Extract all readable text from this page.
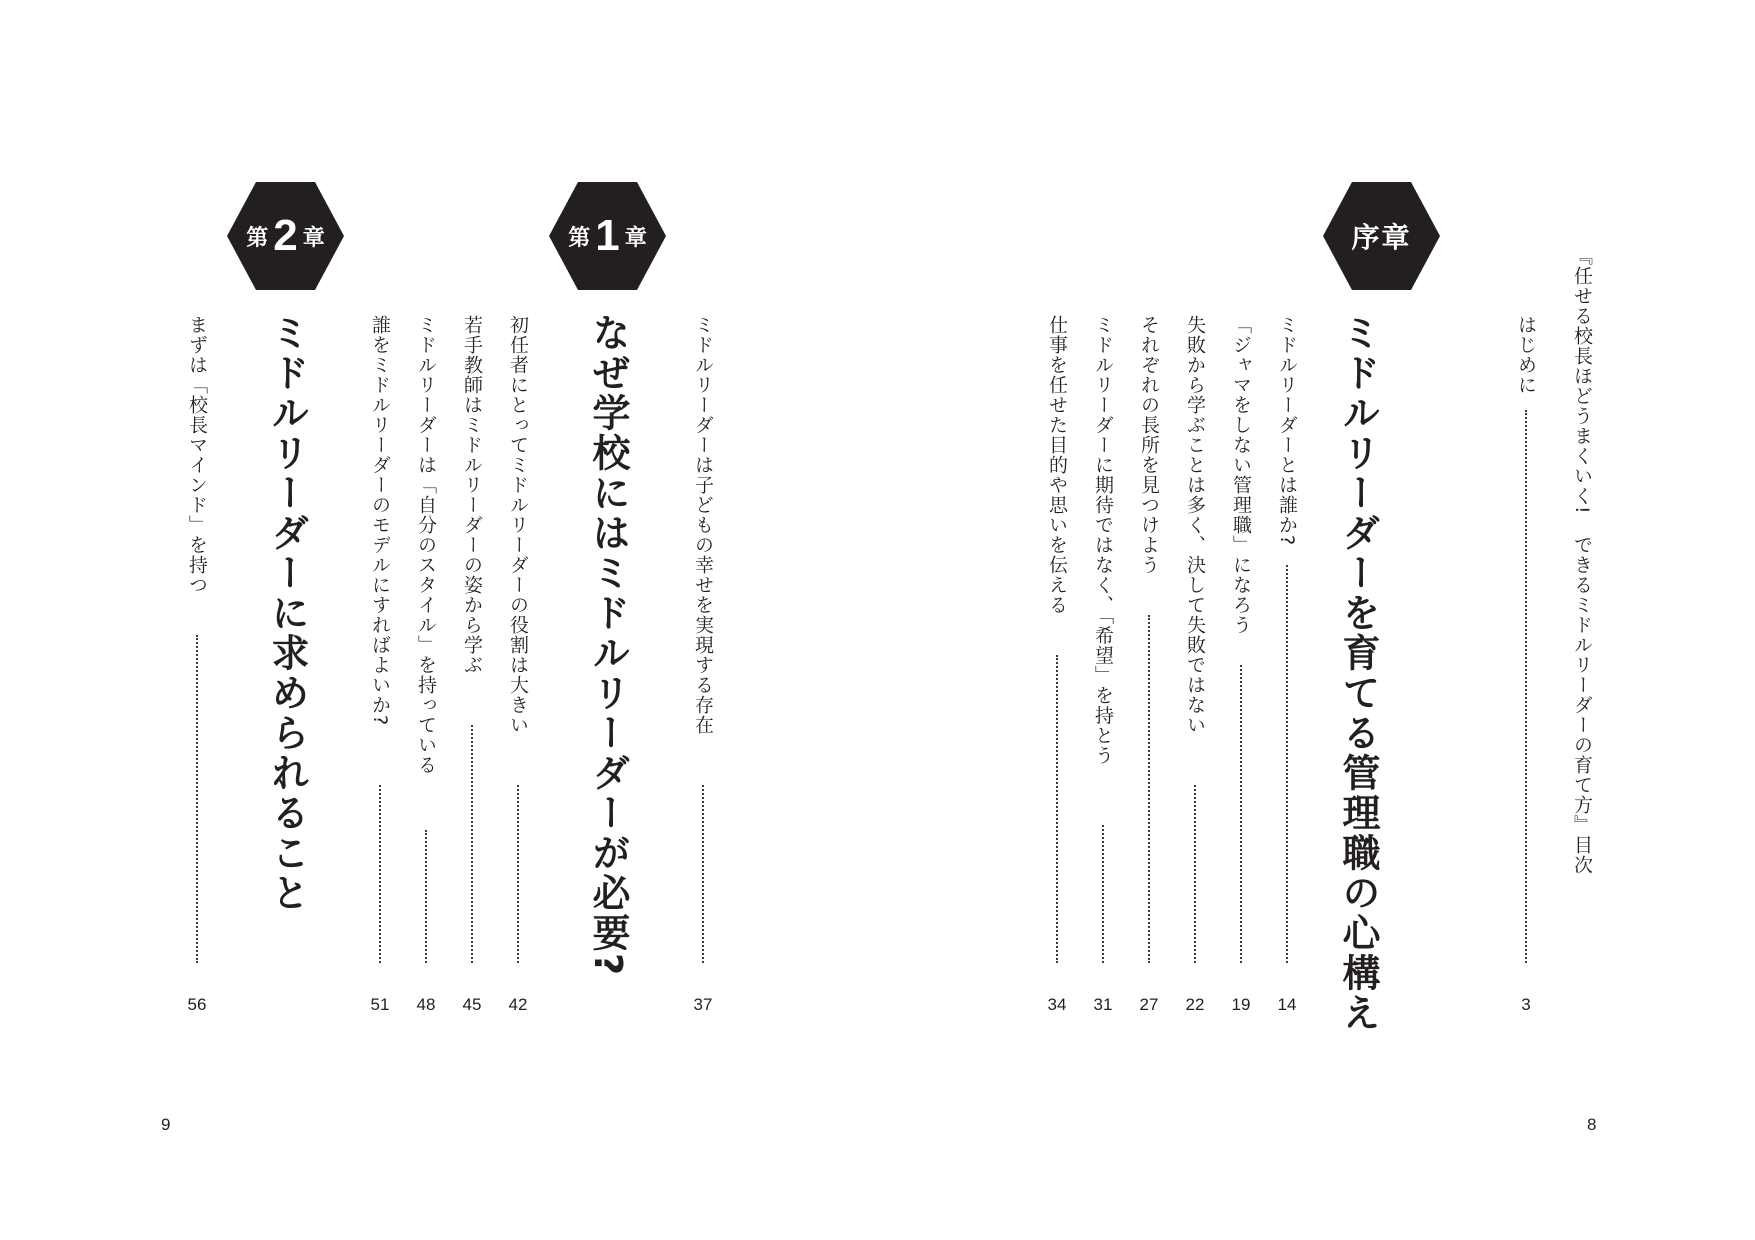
『任せる校長ほどうまくいく!　できるミドルリーダーの育て方』目次
はじめに
3
序章
ミドルリーダーを育てる管理職の心構え
ミドルリーダーとは誰か?
14
「ジャマをしない管理職」になろう
19
失敗から学ぶことは多く、決して失敗ではない
22
それぞれの長所を見つけよう
27
ミドルリーダーに期待ではなく、「希望」を持とう
31
仕事を任せた目的や思いを伝える
34
8
ミドルリーダーは子どもの幸せを実現する存在
37
第 1 章
なぜ学校にはミドルリーダーが必要?
初任者にとってミドルリーダーの役割は大きい
42
若手教師はミドルリーダーの姿から学ぶ
45
ミドルリーダーは「自分のスタイル」を持っている
48
誰をミドルリーダーのモデルにすればよいか?
51
第 2 章
ミドルリーダーに求められること
まずは「校長マインド」を持つ
56
9
